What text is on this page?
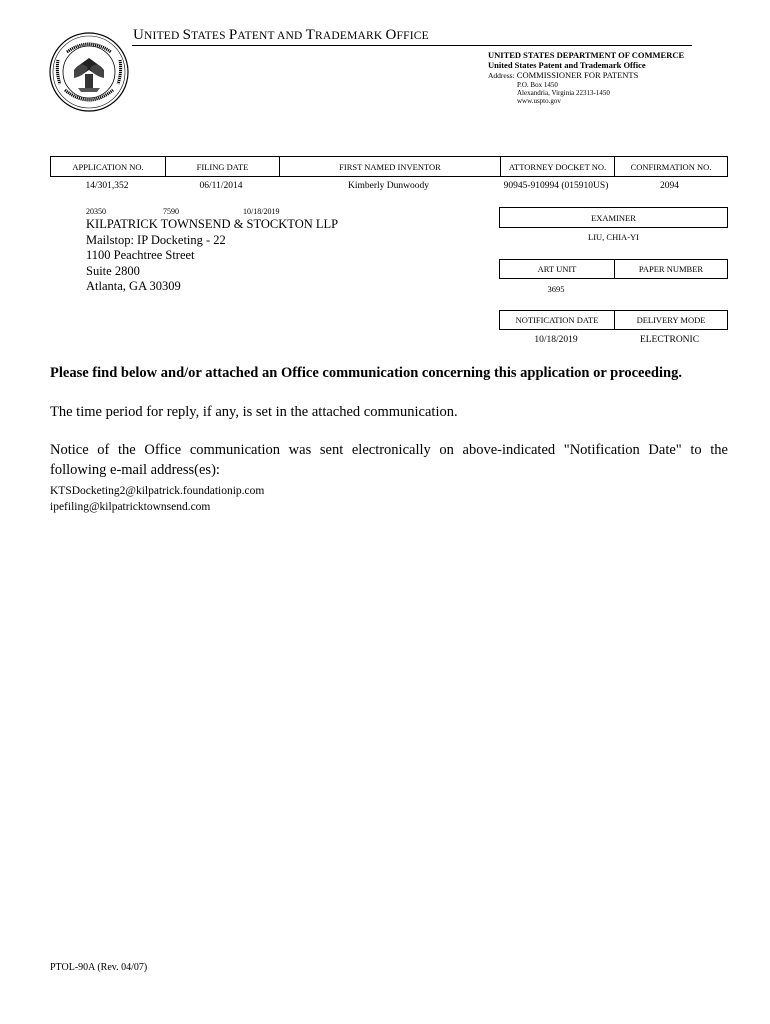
UNITED STATES PATENT AND TRADEMARK OFFICE
UNITED STATES DEPARTMENT OF COMMERCE
United States Patent and Trademark Office
Address: COMMISSIONER FOR PATENTS
P.O. Box 1450
Alexandria, Virginia 22313-1450
www.uspto.gov
APPLICATION NO.	FILING DATE	FIRST NAMED INVENTOR	ATTORNEY DOCKET NO.	CONFIRMATION NO.
14/301,352	06/11/2014	Kimberly Dunwoody	90945-910994 (015910US)	2094
20350	7590	10/18/2019
KILPATRICK TOWNSEND & STOCKTON LLP
Mailstop: IP Docketing - 22
1100 Peachtree Street
Suite 2800
Atlanta, GA 30309
EXAMINER
LIU, CHIA-YI
ART UNIT	PAPER NUMBER
3695
NOTIFICATION DATE	DELIVERY MODE
10/18/2019	ELECTRONIC
Please find below and/or attached an Office communication concerning this application or proceeding.
The time period for reply, if any, is set in the attached communication.
Notice of the Office communication was sent electronically on above-indicated "Notification Date" to the
following e-mail address(es):
KTSDocketing2@kilpatrick.foundationip.com
ipefiling@kilpatricktownsend.com
PTOL-90A (Rev. 04/07)
